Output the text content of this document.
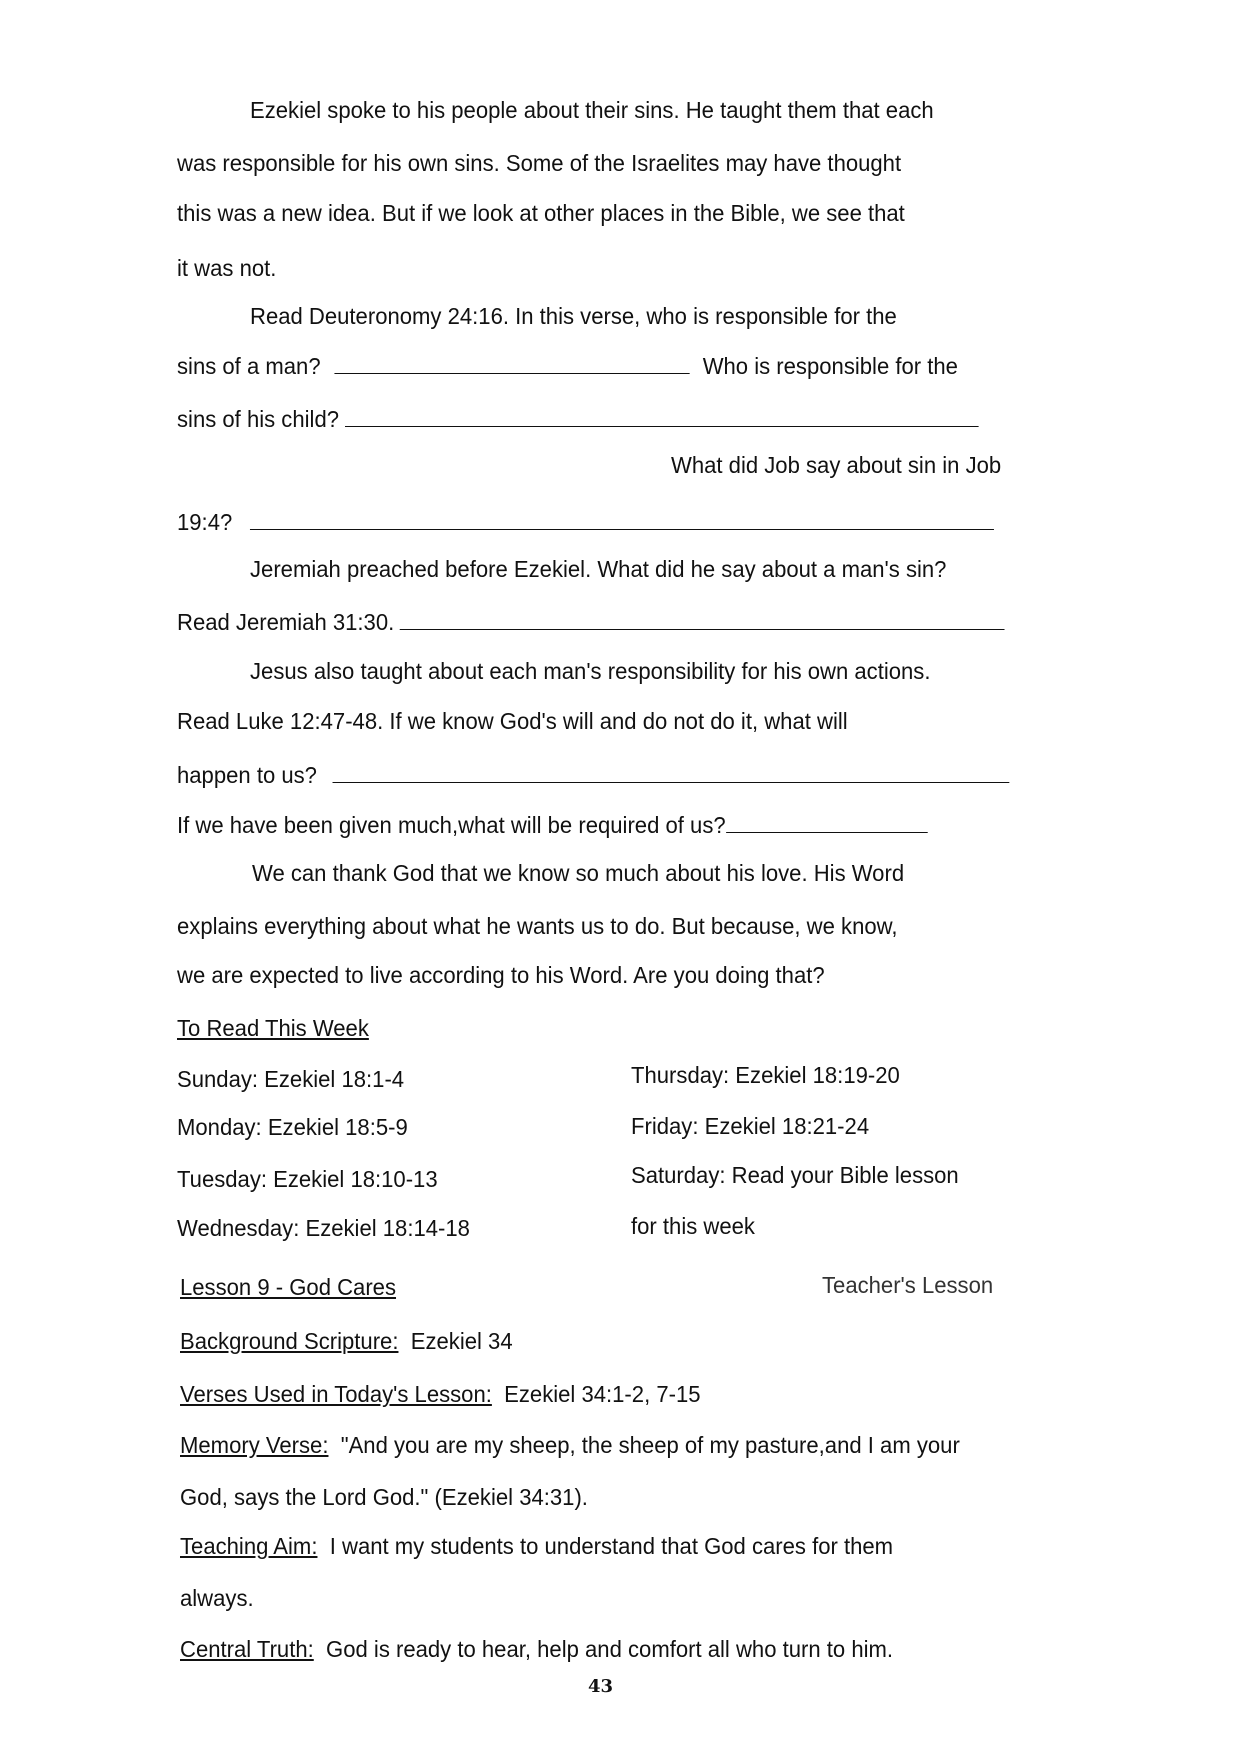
Ezekiel spoke to his people about their sins. He taught them that each
was responsible for his own sins. Some of the Israelites may have thought
this was a new idea. But if we look at other places in the Bible, we see that
it was not.
Read Deuteronomy 24:16. In this verse, who is responsible for the
sins of a man?	Who is responsible for the
sins of his child?
What did Job say about sin in Job
19:4?
Jeremiah preached before Ezekiel. What did he say about a man's sin?
Read Jeremiah 31:30.
Jesus also taught about each man's responsibility for his own actions.
Read Luke 12:47-48. If we know God's will and do not do it, what will
happen to us?
If we have been given much,what will be required of us?
We can thank God that we know so much about his love. His Word
explains everything about what he wants us to do. But because, we know,
we are expected to live according to his Word. Are you doing that?
To Read This Week
Sunday: Ezekiel 18:1-4
Monday: Ezekiel 18:5-9
Tuesday: Ezekiel 18:10-13
Wednesday: Ezekiel 18:14-18
Thursday: Ezekiel 18:19-20
Friday: Ezekiel 18:21-24
Saturday: Read your Bible lesson
for this week
Lesson 9 - God Cares	Teacher's Lesson
Background Scripture: Ezekiel 34
Verses Used in Today's Lesson: Ezekiel 34:1-2, 7-15
Memory Verse: "And you are my sheep, the sheep of my pasture,and I am your
God, says the Lord God." (Ezekiel 34:31).
Teaching Aim: I want my students to understand that God cares for them
always.
Central Truth: God is ready to hear, help and comfort all who turn to him.
43
